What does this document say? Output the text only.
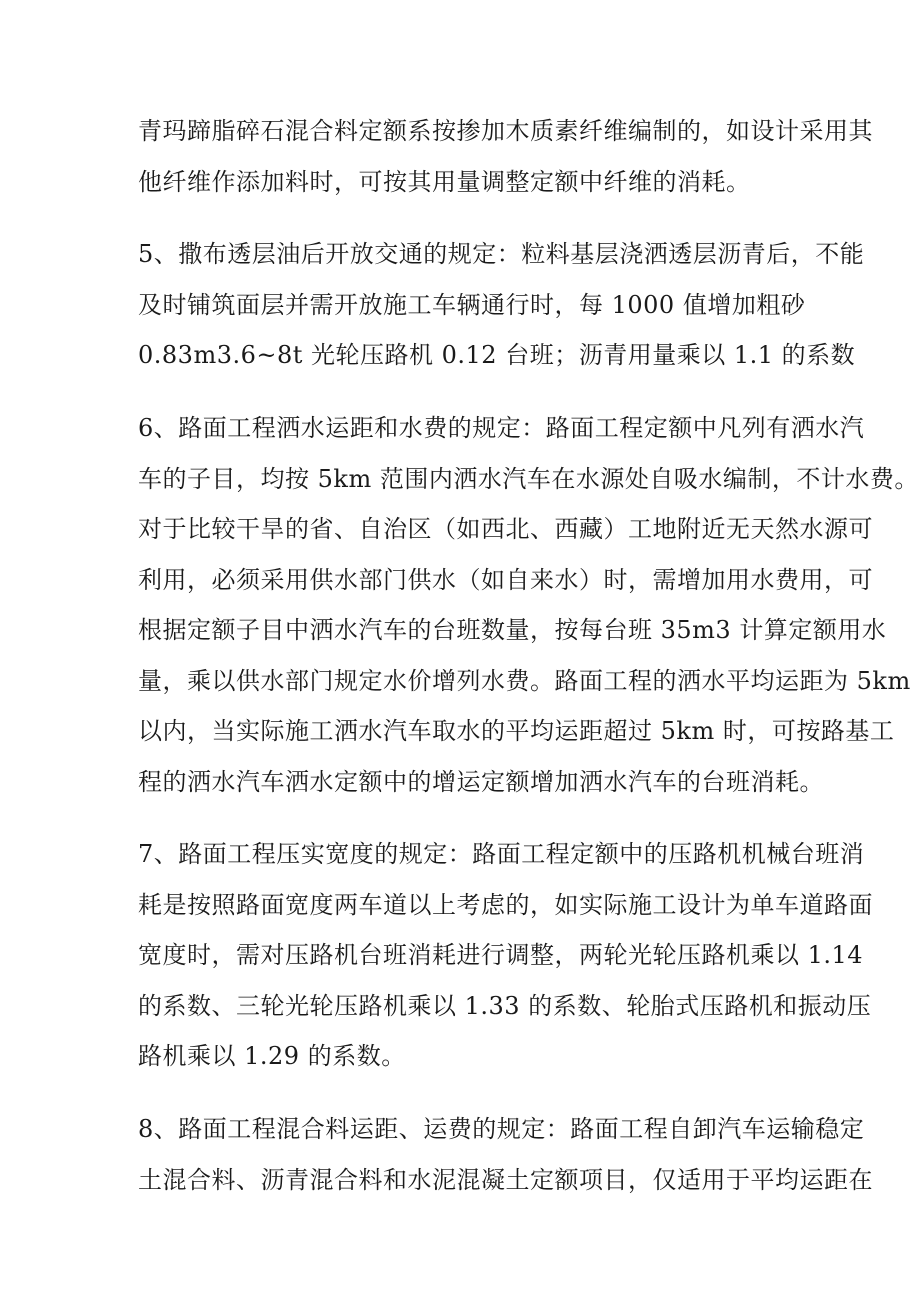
青玛蹄脂碎石混合料定额系按掺加木质素纤维编制的，如设计采用其
他纤维作添加料时，可按其用量调整定额中纤维的消耗。
5、撒布透层油后开放交通的规定：粒料基层浇洒透层沥青后，不能
及时铺筑面层并需开放施工车辆通行时，每 1000 值增加粗砂
0.83m3.6~8t 光轮压路机 0.12 台班；沥青用量乘以 1.1 的系数
6、路面工程洒水运距和水费的规定：路面工程定额中凡列有洒水汽
车的子目，均按 5km 范围内洒水汽车在水源处自吸水编制，不计水费。
对于比较干旱的省、自治区（如西北、西藏）工地附近无天然水源可
利用，必须采用供水部门供水（如自来水）时，需增加用水费用，可
根据定额子目中洒水汽车的台班数量，按每台班 35m3 计算定额用水
量，乘以供水部门规定水价增列水费。路面工程的洒水平均运距为 5km
以内，当实际施工洒水汽车取水的平均运距超过 5km 时，可按路基工
程的洒水汽车洒水定额中的增运定额增加洒水汽车的台班消耗。
7、路面工程压实宽度的规定：路面工程定额中的压路机机械台班消
耗是按照路面宽度两车道以上考虑的，如实际施工设计为单车道路面
宽度时，需对压路机台班消耗进行调整，两轮光轮压路机乘以 1.14
的系数、三轮光轮压路机乘以 1.33 的系数、轮胎式压路机和振动压
路机乘以 1.29 的系数。
8、路面工程混合料运距、运费的规定：路面工程自卸汽车运输稳定
土混合料、沥青混合料和水泥混凝土定额项目，仅适用于平均运距在
